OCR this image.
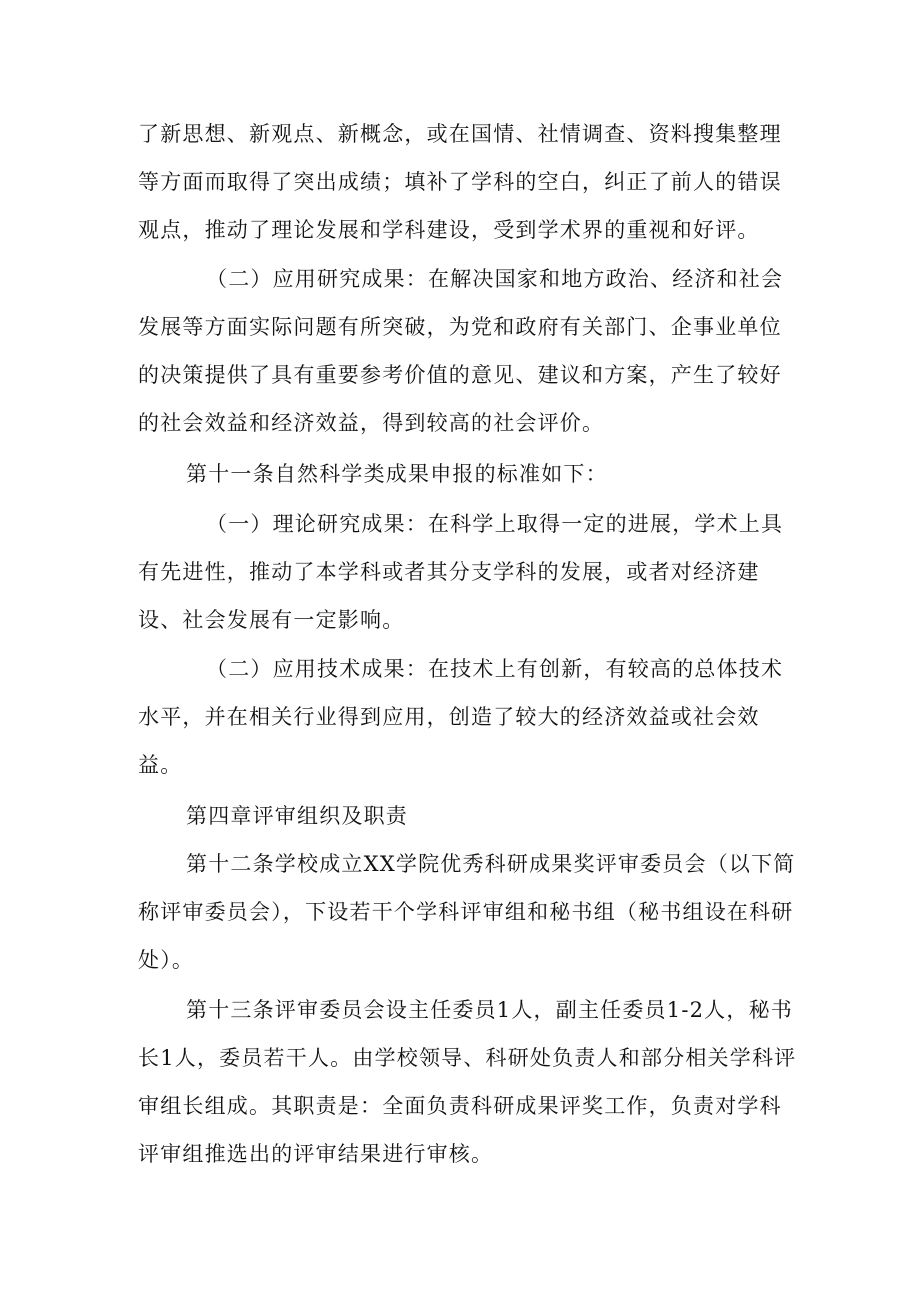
了新思想、新观点、新概念，或在国情、社情调查、资料搜集整理等方面而取得了突出成绩；填补了学科的空白，纠正了前人的错误观点，推动了理论发展和学科建设，受到学术界的重视和好评。

（二）应用研究成果：在解决国家和地方政治、经济和社会发展等方面实际问题有所突破，为党和政府有关部门、企事业单位的决策提供了具有重要参考价值的意见、建议和方案，产生了较好的社会效益和经济效益，得到较高的社会评价。

第十一条自然科学类成果申报的标准如下：

（一）理论研究成果：在科学上取得一定的进展，学术上具有先进性，推动了本学科或者其分支学科的发展，或者对经济建设、社会发展有一定影响。

（二）应用技术成果：在技术上有创新，有较高的总体技术水平，并在相关行业得到应用，创造了较大的经济效益或社会效益。

第四章评审组织及职责

第十二条学校成立XX学院优秀科研成果奖评审委员会（以下简称评审委员会），下设若干个学科评审组和秘书组（秘书组设在科研处）。

第十三条评审委员会设主任委员1人，副主任委员1-2人，秘书长1人，委员若干人。由学校领导、科研处负责人和部分相关学科评审组长组成。其职责是：全面负责科研成果评奖工作，负责对学科评审组推选出的评审结果进行审核。
